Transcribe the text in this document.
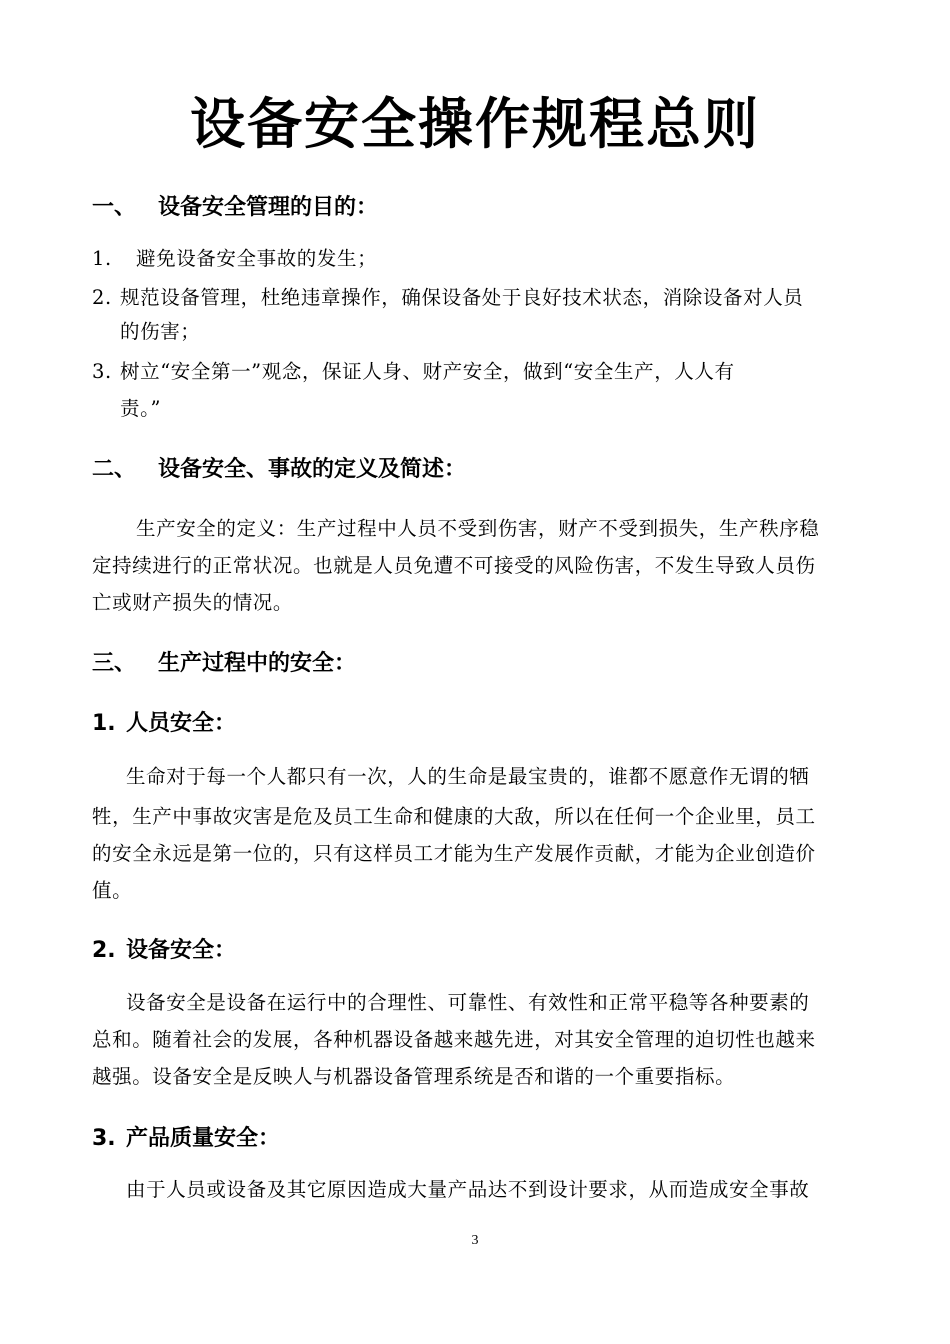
设备安全操作规程总则
一、 设备安全管理的目的：
1. 避免设备安全事故的发生；
2. 规范设备管理，杜绝违章操作，确保设备处于良好技术状态，消除设备对人员
的伤害；
3. 树立“安全第一”观念，保证人身、财产安全，做到“安全生产，人人有
责。”
二、 设备安全、事故的定义及简述：
生产安全的定义：生产过程中人员不受到伤害，财产不受到损失，生产秩序稳
定持续进行的正常状况。也就是人员免遭不可接受的风险伤害，不发生导致人员伤
亡或财产损失的情况。
三、 生产过程中的安全：
1. 人员安全：
生命对于每一个人都只有一次，人的生命是最宝贵的，谁都不愿意作无谓的牺
牲，生产中事故灾害是危及员工生命和健康的大敌，所以在任何一个企业里，员工
的安全永远是第一位的，只有这样员工才能为生产发展作贡献，才能为企业创造价
值。
2. 设备安全：
设备安全是设备在运行中的合理性、可靠性、有效性和正常平稳等各种要素的
总和。随着社会的发展，各种机器设备越来越先进，对其安全管理的迫切性也越来
越强。设备安全是反映人与机器设备管理系统是否和谐的一个重要指标。
3. 产品质量安全：
由于人员或设备及其它原因造成大量产品达不到设计要求，从而造成安全事故
3
